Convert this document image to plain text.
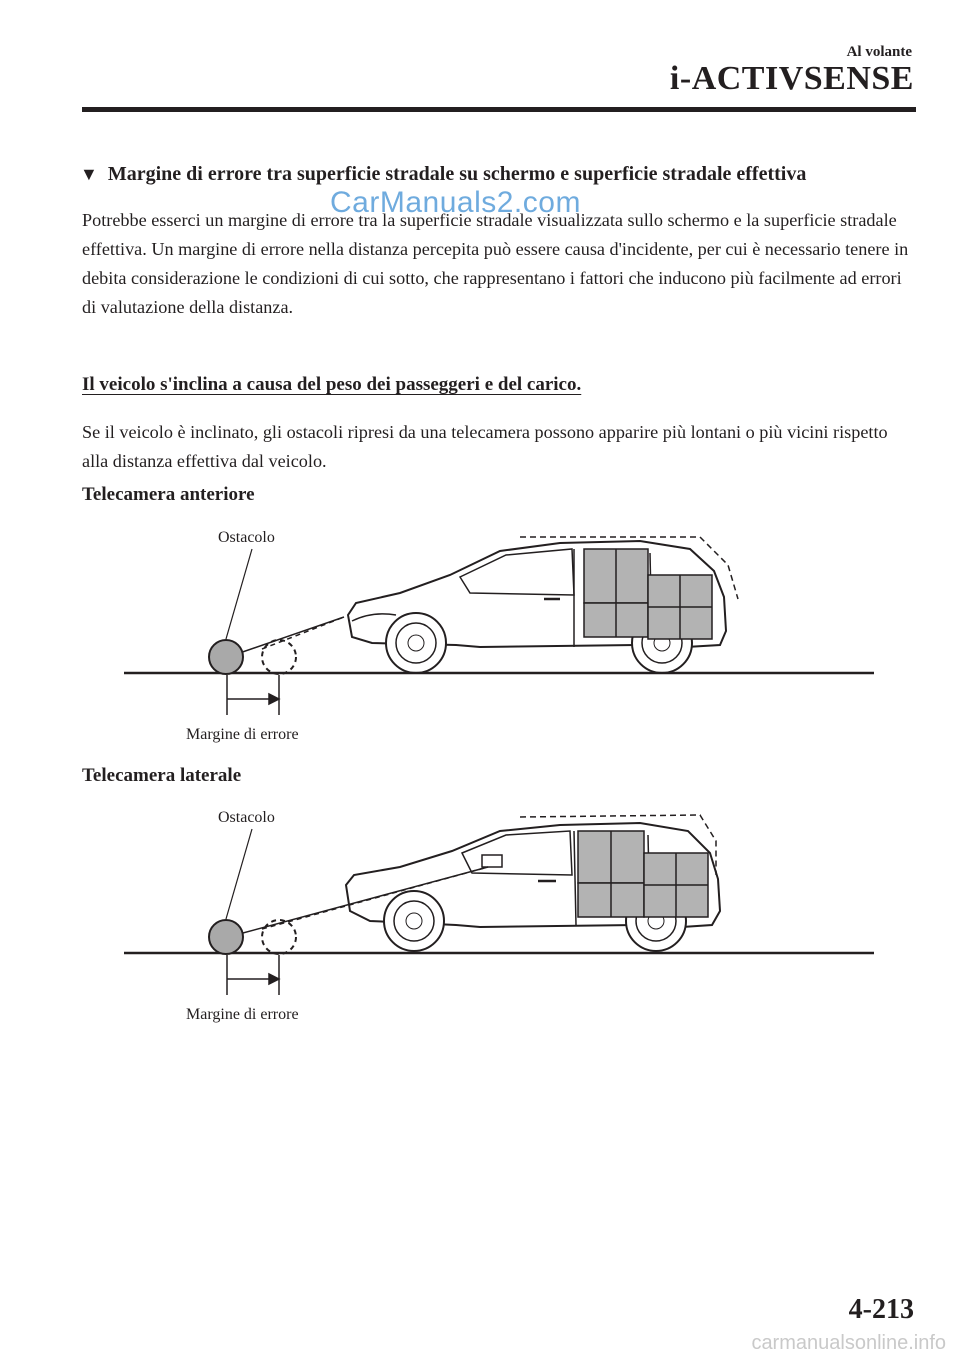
Al volante
i-ACTIVSENSE
▼ Margine di errore tra superficie stradale su schermo e superficie stradale effettiva
Potrebbe esserci un margine di errore tra la superficie stradale visualizzata sullo schermo e la superficie stradale effettiva. Un margine di errore nella distanza percepita può essere causa d'incidente, per cui è necessario tenere in debita considerazione le condizioni di cui sotto, che rappresentano i fattori che inducono più facilmente ad errori di valutazione della distanza.
Il veicolo s'inclina a causa del peso dei passeggeri e del carico.
Se il veicolo è inclinato, gli ostacoli ripresi da una telecamera possono apparire più lontani o più vicini rispetto alla distanza effettiva dal veicolo.
Telecamera anteriore
Ostacolo
Margine di errore
Telecamera laterale
Ostacolo
Margine di errore
CarManuals2.com
4-213
carmanualsonline.info
